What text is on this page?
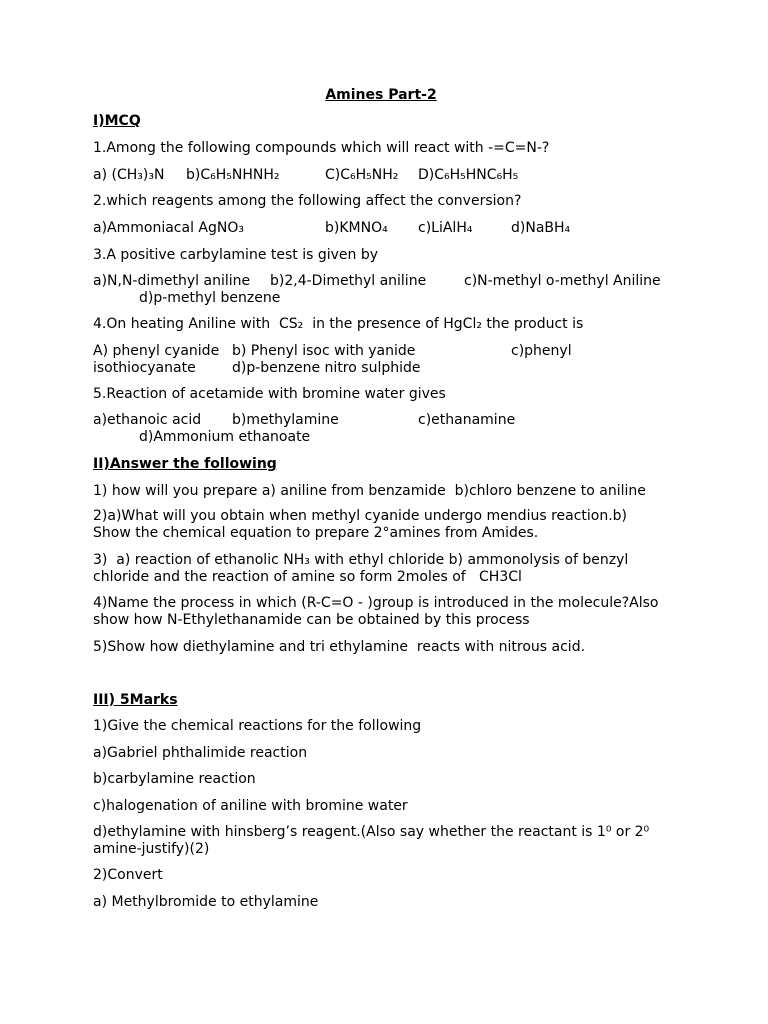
Amines Part-2
I)MCQ
1.Among the following compounds which will react with -=C=N-?
a) (CH₃)₃N b)C₆H₅NHNH₂	C)C₆H₅NH₂ D)C₆H₅HNC₆H₅
2.which reagents among the following affect the conversion?
a)Ammoniacal AgNO₃	b)KMNO₄ c)LiAlH₄	d)NaBH₄
3.A positive carbylamine test is given by
a)N,N-dimethyl aniline b)2,4-Dimethyl aniline	c)N-methyl o-methyl Aniline
d)p-methyl benzene
4.On heating Aniline with  CS₂  in the presence of HgCl₂ the product is
A) phenyl cyanide b) Phenyl isoc with yanide	c)phenyl
isothiocyanate	d)p-benzene nitro sulphide
5.Reaction of acetamide with bromine water gives
a)ethanoic acid b)methylamine	c)ethanamine
d)Ammonium ethanoate
II)Answer the following
1) how will you prepare a) aniline from benzamide  b)chloro benzene to aniline
2)a)What will you obtain when methyl cyanide undergo mendius reaction.b)
Show the chemical equation to prepare 2°amines from Amides.
3)  a) reaction of ethanolic NH₃ with ethyl chloride b) ammonolysis of benzyl
chloride and the reaction of amine so form 2moles of   CH3Cl
4)Name the process in which (R-C=O - )group is introduced in the molecule?Also
show how N-Ethylethanamide can be obtained by this process
5)Show how diethylamine and tri ethylamine  reacts with nitrous acid.
III) 5Marks
1)Give the chemical reactions for the following
a)Gabriel phthalimide reaction
b)carbylamine reaction
c)halogenation of aniline with bromine water
d)ethylamine with hinsberg’s reagent.(Also say whether the reactant is 1⁰ or 2⁰
amine-justify)(2)
2)Convert
a) Methylbromide to ethylamine
